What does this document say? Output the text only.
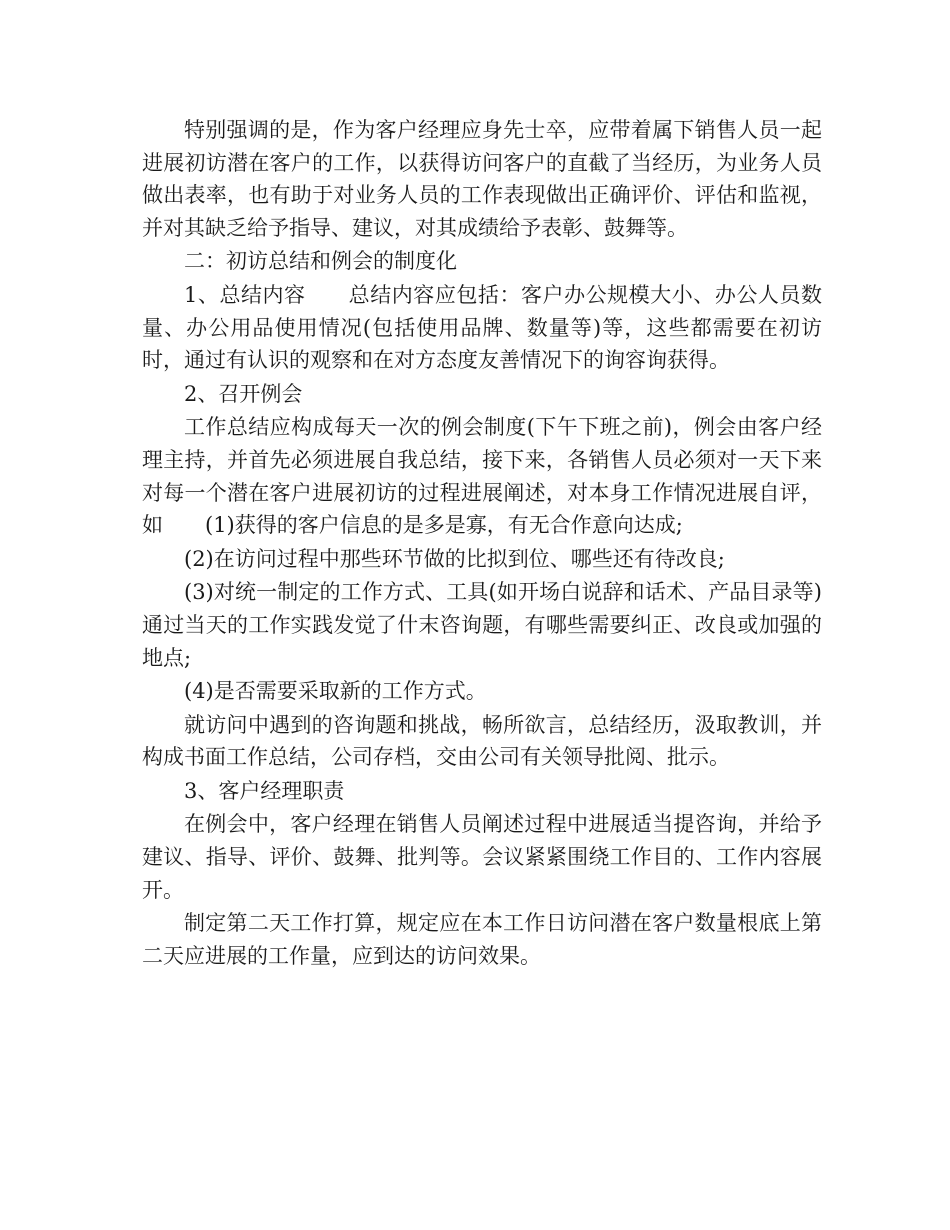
特别强调的是，作为客户经理应身先士卒，应带着属下销售人员一起进展初访潜在客户的工作，以获得访问客户的直截了当经历，为业务人员做出表率，也有助于对业务人员的工作表现做出正确评价、评估和监视，并对其缺乏给予指导、建议，对其成绩给予表彰、鼓舞等。

二：初访总结和例会的制度化

1、总结内容　　总结内容应包括：客户办公规模大小、办公人员数量、办公用品使用情况(包括使用品牌、数量等)等，这些都需要在初访时，通过有认识的观察和在对方态度友善情况下的询容询获得。

2、召开例会

工作总结应构成每天一次的例会制度(下午下班之前)，例会由客户经理主持，并首先必须进展自我总结，接下来，各销售人员必须对一天下来对每一个潜在客户进展初访的过程进展阐述，对本身工作情况进展自评，如　　(1)获得的客户信息的是多是寡，有无合作意向达成;

(2)在访问过程中那些环节做的比拟到位、哪些还有待改良;

(3)对统一制定的工作方式、工具(如开场白说辞和话术、产品目录等)通过当天的工作实践发觉了什末咨询题，有哪些需要纠正、改良或加强的地点;

(4)是否需要采取新的工作方式。

就访问中遇到的咨询题和挑战，畅所欲言，总结经历，汲取教训，并构成书面工作总结，公司存档，交由公司有关领导批阅、批示。

3、客户经理职责

在例会中，客户经理在销售人员阐述过程中进展适当提咨询，并给予建议、指导、评价、鼓舞、批判等。会议紧紧围绕工作目的、工作内容展开。

制定第二天工作打算，规定应在本工作日访问潜在客户数量根底上第二天应进展的工作量，应到达的访问效果。
